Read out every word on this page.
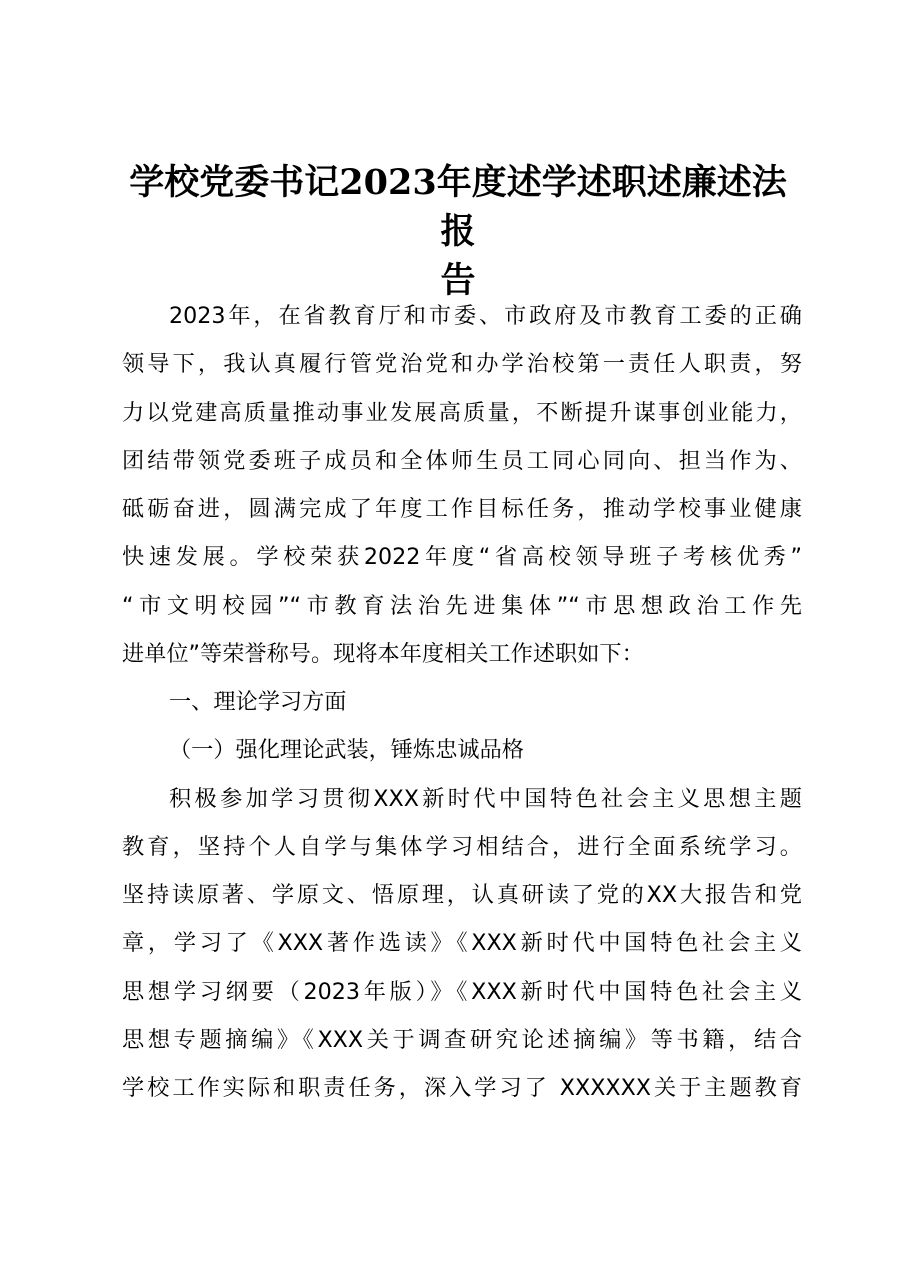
学校党委书记2023年度述学述职述廉述法报
告
2023年，在省教育厅和市委、市政府及市教育工委的正确
领导下，我认真履行管党治党和办学治校第一责任人职责，努
力以党建高质量推动事业发展高质量，不断提升谋事创业能力，
团结带领党委班子成员和全体师生员工同心同向、担当作为、
砥砺奋进，圆满完成了年度工作目标任务，推动学校事业健康
快速发展。学校荣获2022年度“省高校领导班子考核优秀”
“市文明校园”“市教育法治先进集体”“市思想政治工作先
进单位”等荣誉称号。现将本年度相关工作述职如下：
一、理论学习方面
（一）强化理论武装，锤炼忠诚品格
积极参加学习贯彻XXX新时代中国特色社会主义思想主题
教育，坚持个人自学与集体学习相结合，进行全面系统学习。
坚持读原著、学原文、悟原理，认真研读了党的XX大报告和党
章，学习了《XXX著作选读》《XXX新时代中国特色社会主义
思想学习纲要（2023年版）》《XXX新时代中国特色社会主义
思想专题摘编》《XXX关于调查研究论述摘编》等书籍，结合
学校工作实际和职责任务，深入学习了 XXXXXX关于主题教育
